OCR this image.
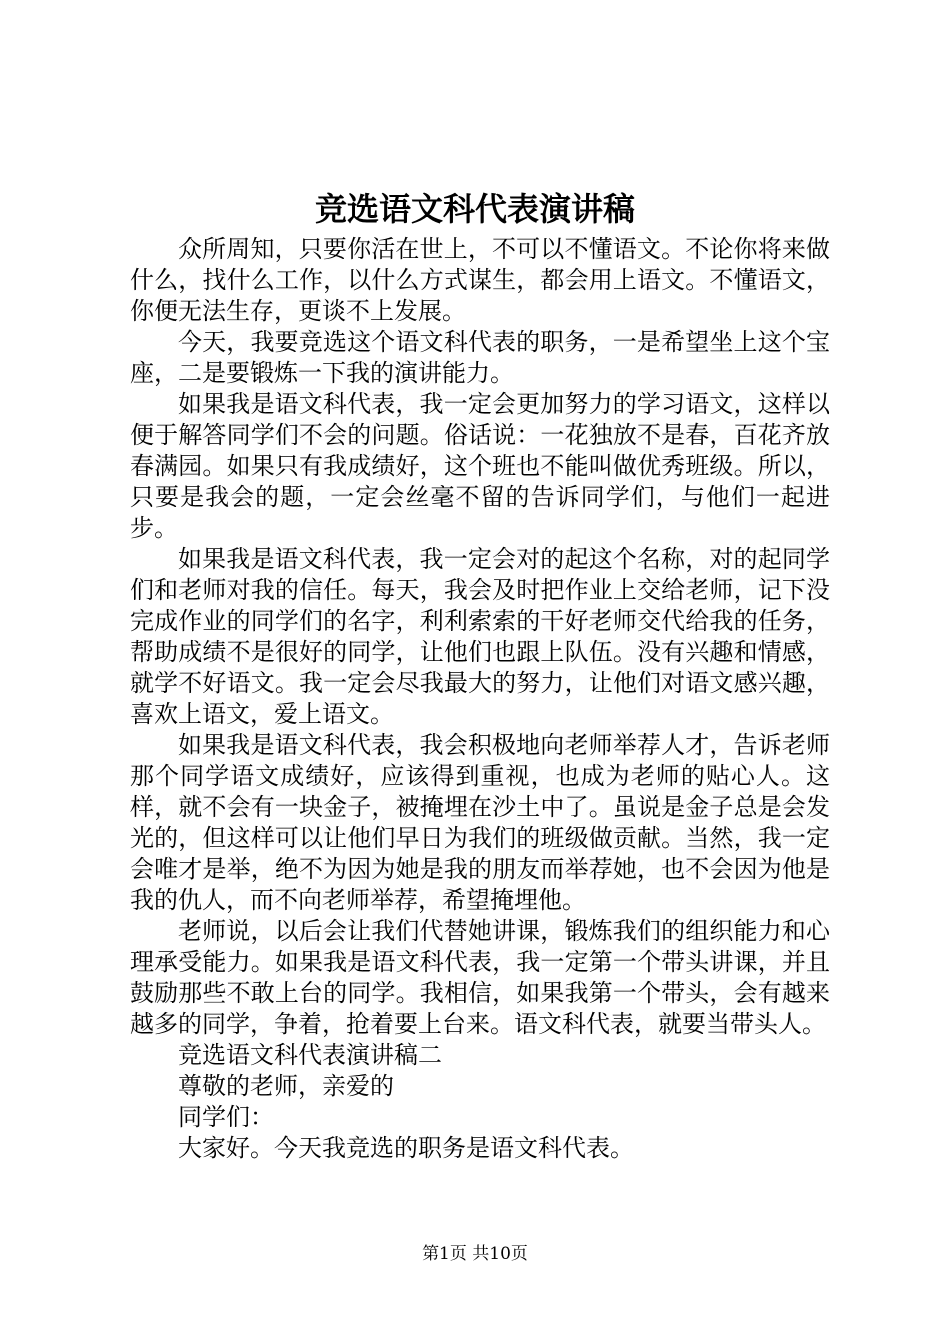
竞选语文科代表演讲稿

众所周知，只要你活在世上，不可以不懂语文。不论你将来做什么，找什么工作，以什么方式谋生，都会用上语文。不懂语文，你便无法生存，更谈不上发展。

今天，我要竞选这个语文科代表的职务，一是希望坐上这个宝座，二是要锻炼一下我的演讲能力。

如果我是语文科代表，我一定会更加努力的学习语文，这样以便于解答同学们不会的问题。俗话说：一花独放不是春，百花齐放春满园。如果只有我成绩好，这个班也不能叫做优秀班级。所以，只要是我会的题，一定会丝毫不留的告诉同学们，与他们一起进步。

如果我是语文科代表，我一定会对的起这个名称，对的起同学们和老师对我的信任。每天，我会及时把作业上交给老师，记下没完成作业的同学们的名字，利利索索的干好老师交代给我的任务，帮助成绩不是很好的同学，让他们也跟上队伍。没有兴趣和情感，就学不好语文。我一定会尽我最大的努力，让他们对语文感兴趣，喜欢上语文，爱上语文。

如果我是语文科代表，我会积极地向老师举荐人才，告诉老师那个同学语文成绩好，应该得到重视，也成为老师的贴心人。这样，就不会有一块金子，被掩埋在沙土中了。虽说是金子总是会发光的，但这样可以让他们早日为我们的班级做贡献。当然，我一定会唯才是举，绝不为因为她是我的朋友而举荐她，也不会因为他是我的仇人，而不向老师举荐，希望掩埋他。

老师说，以后会让我们代替她讲课，锻炼我们的组织能力和心理承受能力。如果我是语文科代表，我一定第一个带头讲课，并且鼓励那些不敢上台的同学。我相信，如果我第一个带头，会有越来越多的同学，争着，抢着要上台来。语文科代表，就要当带头人。

竞选语文科代表演讲稿二

尊敬的老师，亲爱的

同学们：

大家好。今天我竞选的职务是语文科代表。

第1页 共10页
